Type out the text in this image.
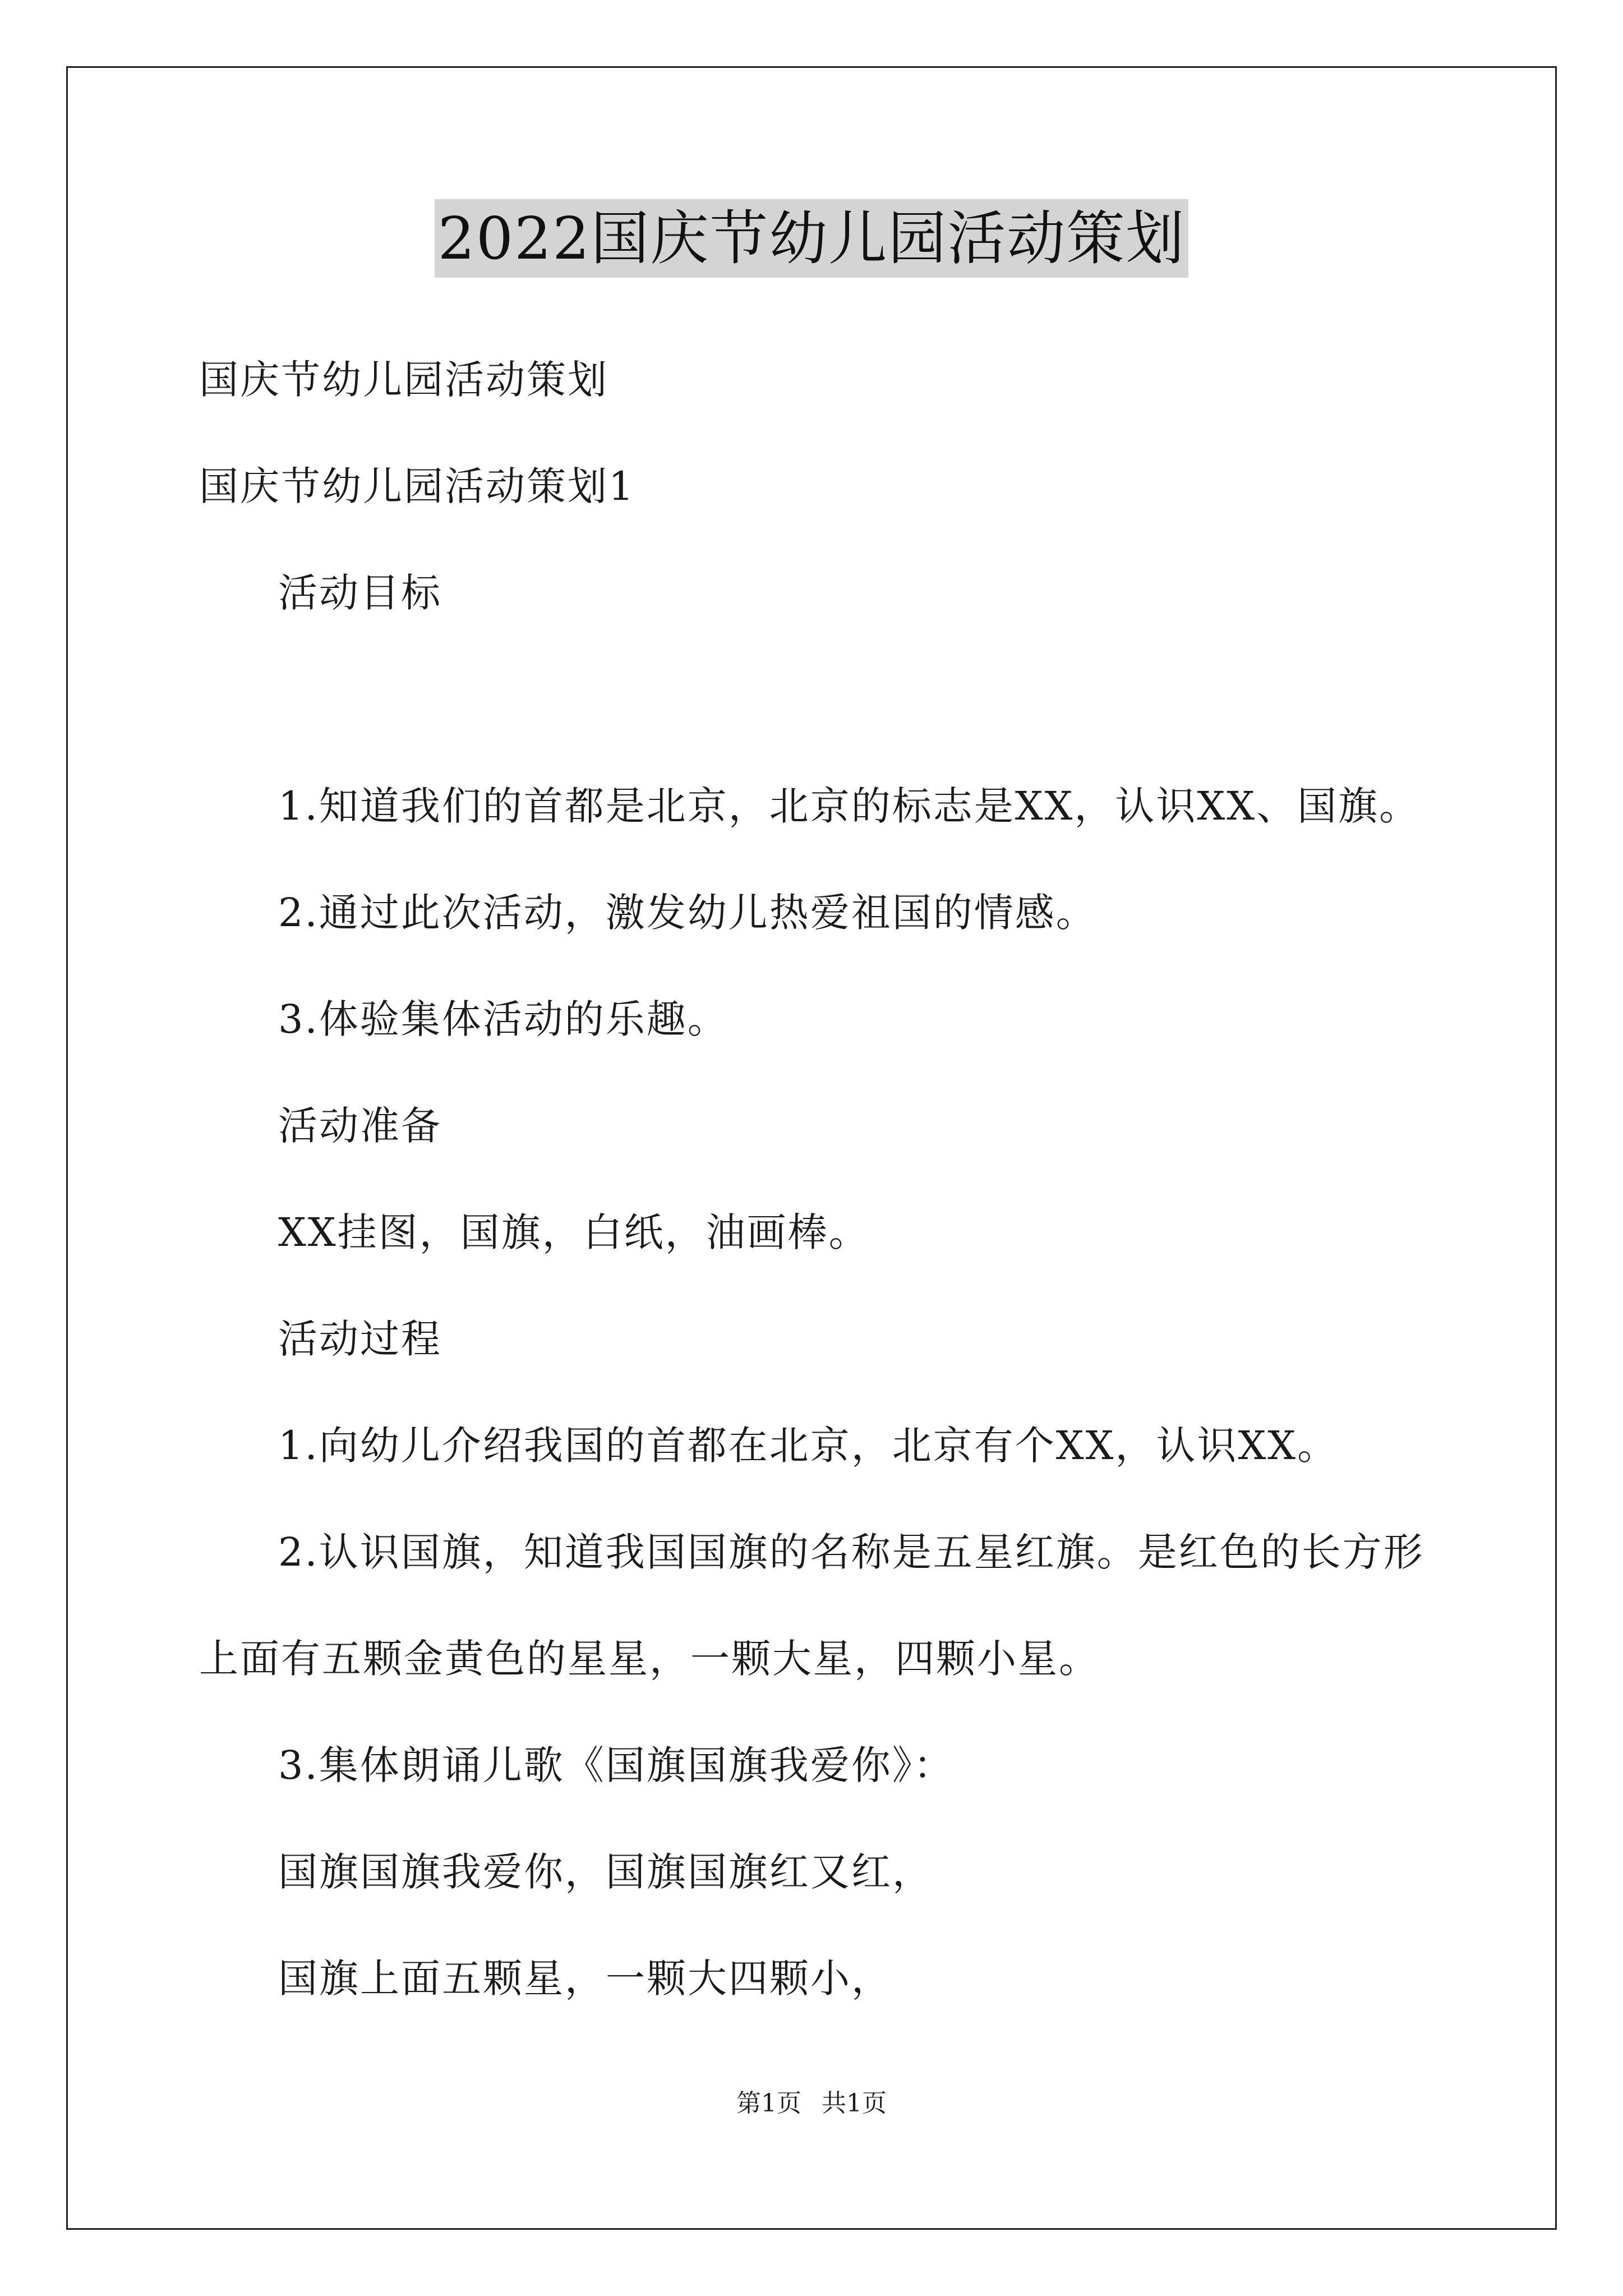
2022国庆节幼儿园活动策划
国庆节幼儿园活动策划
国庆节幼儿园活动策划1
活动目标
1.知道我们的首都是北京，北京的标志是XX，认识XX、国旗。
2.通过此次活动，激发幼儿热爱祖国的情感。
3.体验集体活动的乐趣。
活动准备
XX挂图，国旗，白纸，油画棒。
活动过程
1.向幼儿介绍我国的首都在北京，北京有个XX，认识XX。
2.认识国旗，知道我国国旗的名称是五星红旗。是红色的长方形
上面有五颗金黄色的星星，一颗大星，四颗小星。
3.集体朗诵儿歌《国旗国旗我爱你》：
国旗国旗我爱你，国旗国旗红又红，
国旗上面五颗星，一颗大四颗小，
第1页 共1页
